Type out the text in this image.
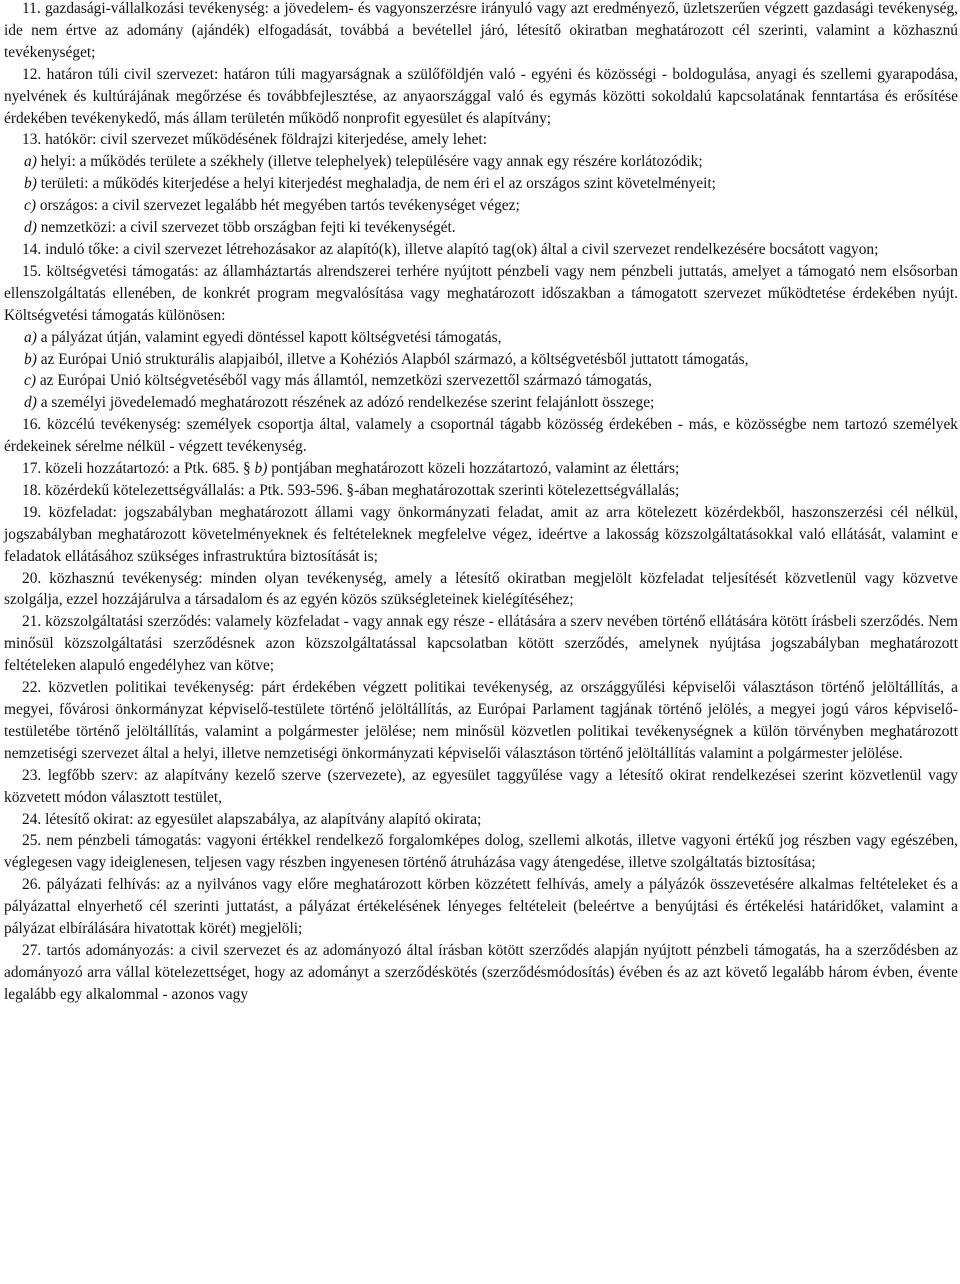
11. gazdasági-vállalkozási tevékenység: a jövedelem- és vagyonszerzésre irányuló vagy azt eredményező, üzletszerűen végzett gazdasági tevékenység, ide nem értve az adomány (ajándék) elfogadását, továbbá a bevétellel járó, létesítő okiratban meghatározott cél szerinti, valamint a közhasznú tevékenységet;

12. határon túli civil szervezet: határon túli magyarságnak a szülőföldjén való - egyéni és közösségi - boldogulása, anyagi és szellemi gyarapodása, nyelvének és kultúrájának megőrzése és továbbfejlesztése, az anyaországgal való és egymás közötti sokoldalú kapcsolatának fenntartása és erősítése érdekében tevékenykedő, más állam területén működő nonprofit egyesület és alapítvány;

13. hatókör: civil szervezet működésének földrajzi kiterjedése, amely lehet:

a) helyi: a működés területe a székhely (illetve telephelyek) településére vagy annak egy részére korlátozódik;

b) területi: a működés kiterjedése a helyi kiterjedést meghaladja, de nem éri el az országos szint követelményeit;

c) országos: a civil szervezet legalább hét megyében tartós tevékenységet végez;

d) nemzetközi: a civil szervezet több országban fejti ki tevékenységét.

14. induló tőke: a civil szervezet létrehozásakor az alapító(k), illetve alapító tag(ok) által a civil szervezet rendelkezésére bocsátott vagyon;

15. költségvetési támogatás: az államháztartás alrendszerei terhére nyújtott pénzbeli vagy nem pénzbeli juttatás, amelyet a támogató nem elsősorban ellenszolgáltatás ellenében, de konkrét program megvalósítása vagy meghatározott időszakban a támogatott szervezet működtetése érdekében nyújt. Költségvetési támogatás különösen:

a) a pályázat útján, valamint egyedi döntéssel kapott költségvetési támogatás,

b) az Európai Unió strukturális alapjaiból, illetve a Kohéziós Alapból származó, a költségvetésből juttatott támogatás,

c) az Európai Unió költségvetéséből vagy más államtól, nemzetközi szervezettől származó támogatás,

d) a személyi jövedelemadó meghatározott részének az adózó rendelkezése szerint felajánlott összege;

16. közcélú tevékenység: személyek csoportja által, valamely a csoportnál tágabb közösség érdekében - más, e közösségbe nem tartozó személyek érdekeinek sérelme nélkül - végzett tevékenység.

17. közeli hozzátartozó: a Ptk. 685. § b) pontjában meghatározott közeli hozzátartozó, valamint az élettárs;

18. közérdekű kötelezettségvállalás: a Ptk. 593-596. §-ában meghatározottak szerinti kötelezettségvállalás;

19. közfeladat: jogszabályban meghatározott állami vagy önkormányzati feladat, amit az arra kötelezett közérdekből, haszonszerzési cél nélkül, jogszabályban meghatározott követelményeknek és feltételeknek megfelelve végez, ideértve a lakosság közszolgáltatásokkal való ellátását, valamint e feladatok ellátásához szükséges infrastruktúra biztosítását is;

20. közhasznú tevékenység: minden olyan tevékenység, amely a létesítő okiratban megjelölt közfeladat teljesítését közvetlenül vagy közvetve szolgálja, ezzel hozzájárulva a társadalom és az egyén közös szükségleteinek kielégítéséhez;

21. közszolgáltatási szerződés: valamely közfeladat - vagy annak egy része - ellátására a szerv nevében történő ellátására kötött írásbeli szerződés. Nem minősül közszolgáltatási szerződésnek azon közszolgáltatással kapcsolatban kötött szerződés, amelynek nyújtása jogszabályban meghatározott feltételeken alapuló engedélyhez van kötve;

22. közvetlen politikai tevékenység: párt érdekében végzett politikai tevékenység, az országgyűlési képviselői választáson történő jelöltállítás, a megyei, fővárosi önkormányzat képviselő-testülete történő jelöltállítás, az Európai Parlament tagjának történő jelölés, a megyei jogú város képviselő-testületébe történő jelöltállítás, valamint a polgármester jelölése; nem minősül közvetlen politikai tevékenységnek a külön törvényben meghatározott nemzetiségi szervezet által a helyi, illetve nemzetiségi önkormányzati képviselői választáson történő jelöltállítás valamint a polgármester jelölése.

23. legfőbb szerv: az alapítvány kezelő szerve (szervezete), az egyesület taggyűlése vagy a létesítő okirat rendelkezései szerint közvetlenül vagy közvetett módon választott testület,

24. létesítő okirat: az egyesület alapszabálya, az alapítvány alapító okirata;

25. nem pénzbeli támogatás: vagyoni értékkel rendelkező forgalomképes dolog, szellemi alkotás, illetve vagyoni értékű jog részben vagy egészében, véglegesen vagy ideiglenesen, teljesen vagy részben ingyenesen történő átruházása vagy átengedése, illetve szolgáltatás biztosítása;

26. pályázati felhívás: az a nyilvános vagy előre meghatározott körben közzétett felhívás, amely a pályázók összevetésére alkalmas feltételeket és a pályázattal elnyerhető cél szerinti juttatást, a pályázat értékelésének lényeges feltételeit (beleértve a benyújtási és értékelési határidőket, valamint a pályázat elbírálására hivatottak körét) megjelöli;

27. tartós adományozás: a civil szervezet és az adományozó által írásban kötött szerződés alapján nyújtott pénzbeli támogatás, ha a szerződésben az adományozó arra vállal kötelezettséget, hogy az adományt a szerződéskötés (szerződésmódosítás) évében és az azt követő legalább három évben, évente legalább egy alkalommal - azonos vagy
